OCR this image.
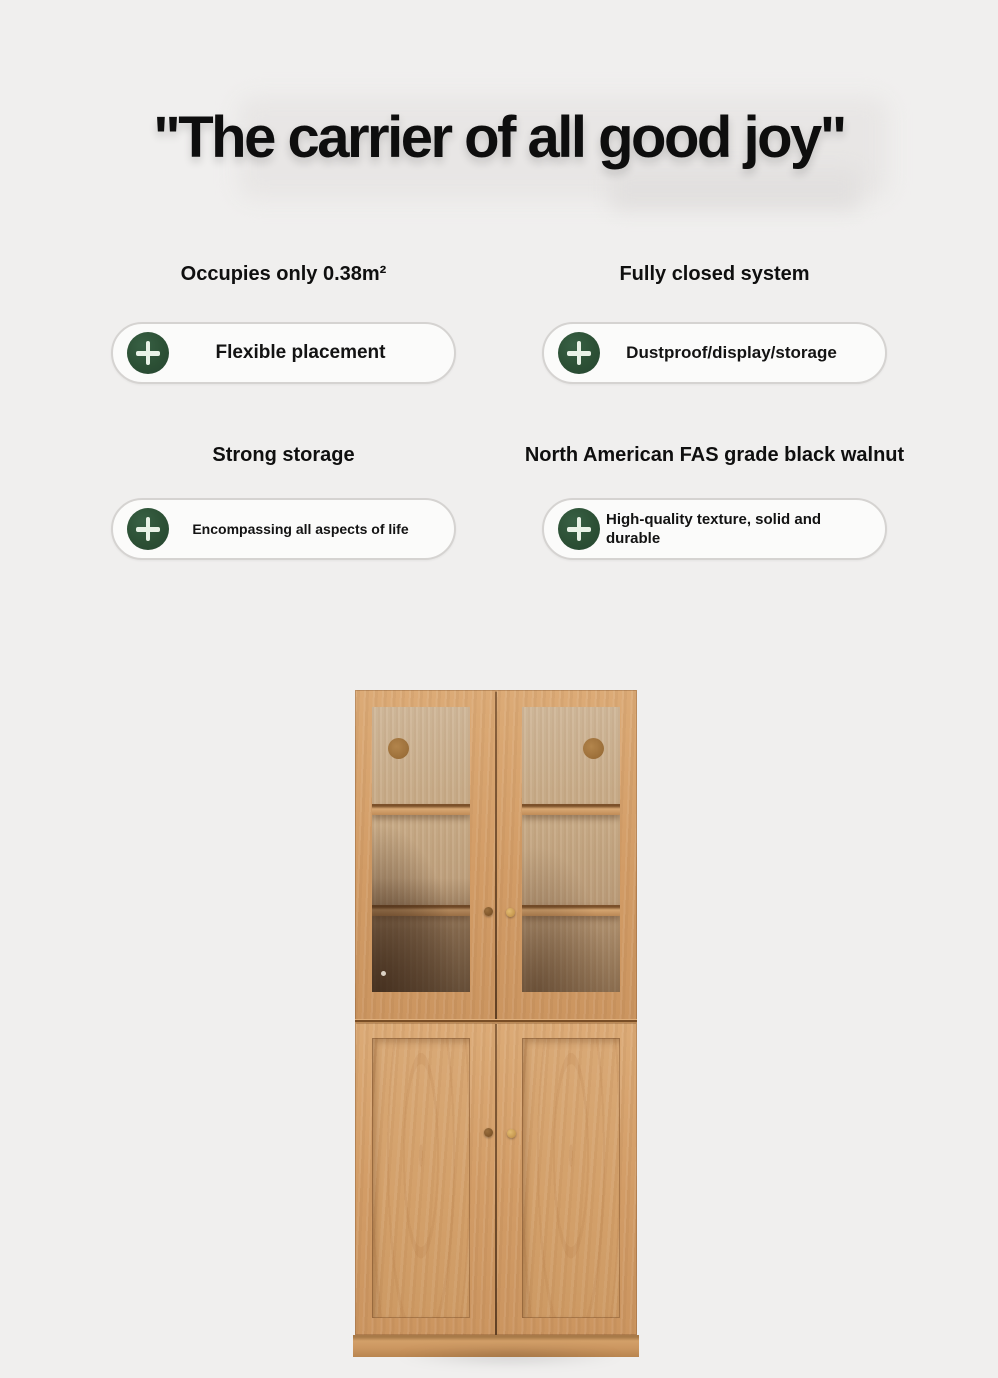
"The carrier of all good joy"
Occupies only 0.38m²
Flexible placement
Fully closed system
Dustproof/display/storage
Strong storage
Encompassing all aspects of life
North American FAS grade black walnut
High-quality texture, solid and durable
